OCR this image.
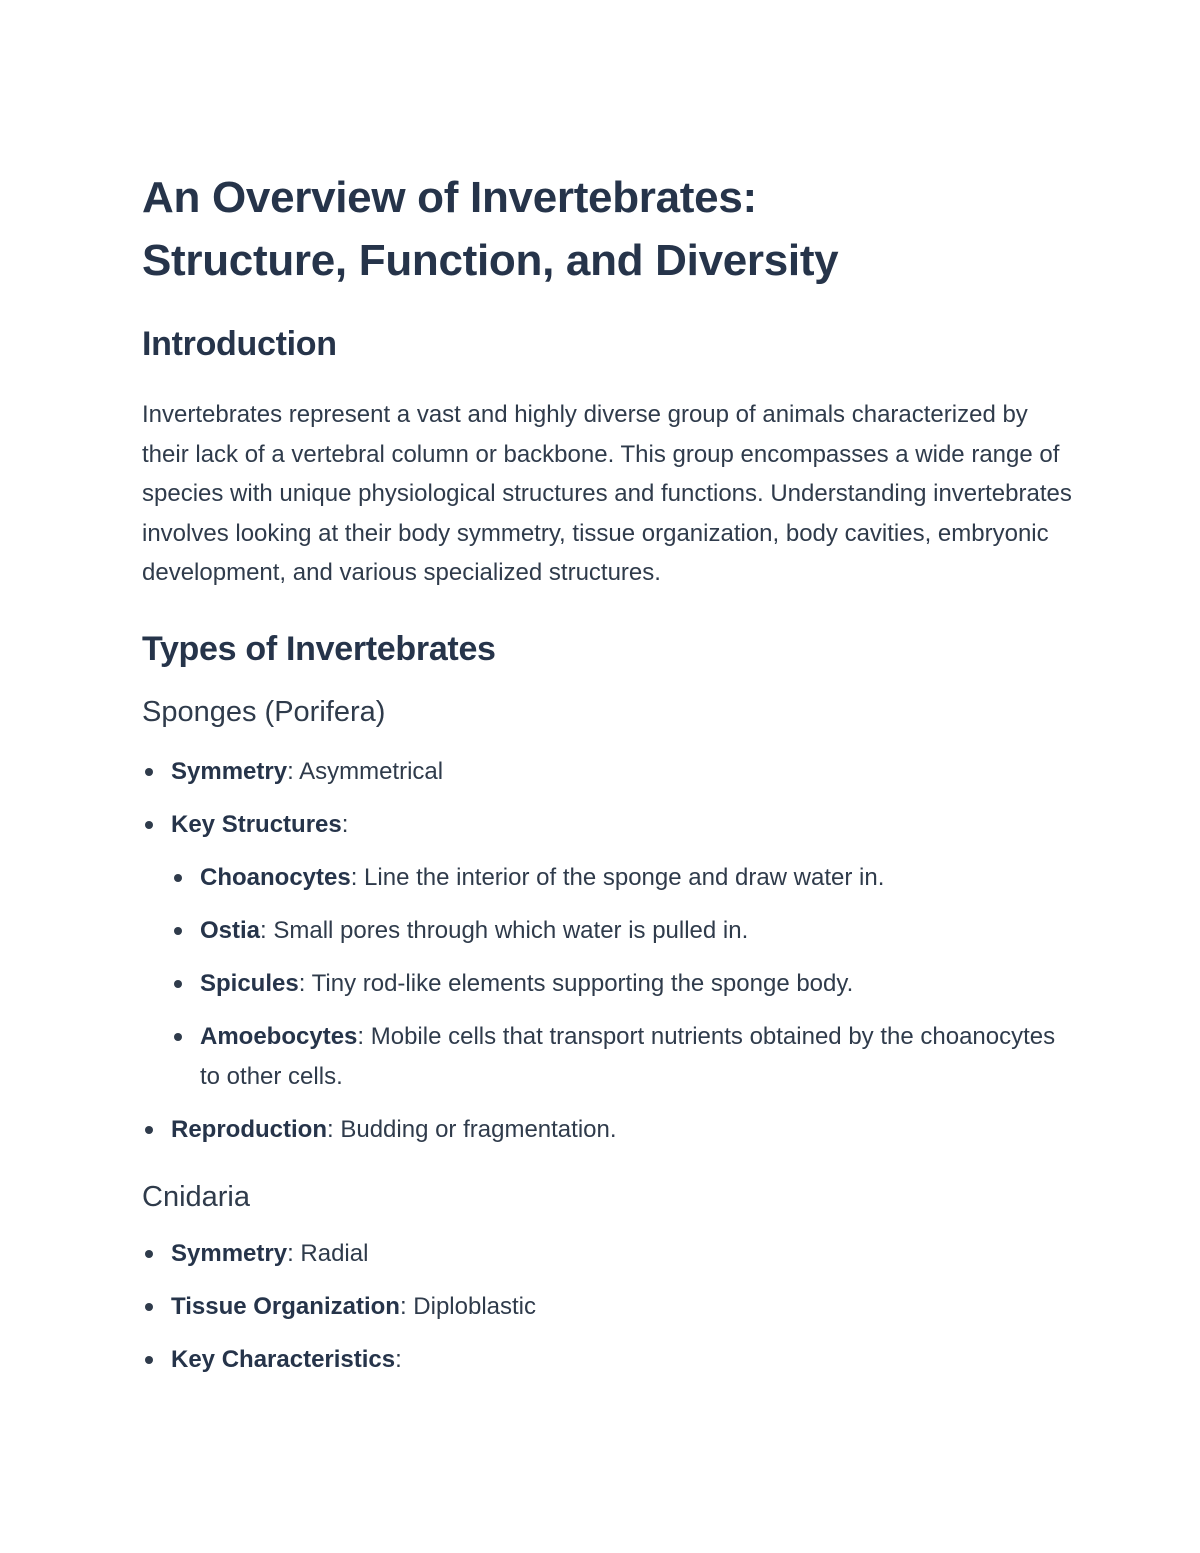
An Overview of Invertebrates:
Structure, Function, and Diversity
Introduction

Invertebrates represent a vast and highly diverse group of animals characterized by their lack of a vertebral column or backbone. This group encompasses a wide range of species with unique physiological structures and functions. Understanding invertebrates involves looking at their body symmetry, tissue organization, body cavities, embryonic development, and various specialized structures.

Types of Invertebrates
Sponges (Porifera)
Symmetry: Asymmetrical
Key Structures:
Choanocytes: Line the interior of the sponge and draw water in.
Ostia: Small pores through which water is pulled in.
Spicules: Tiny rod-like elements supporting the sponge body.
Amoebocytes: Mobile cells that transport nutrients obtained by the choanocytes to other cells.
Reproduction: Budding or fragmentation.
Cnidaria
Symmetry: Radial
Tissue Organization: Diploblastic
Key Characteristics:
